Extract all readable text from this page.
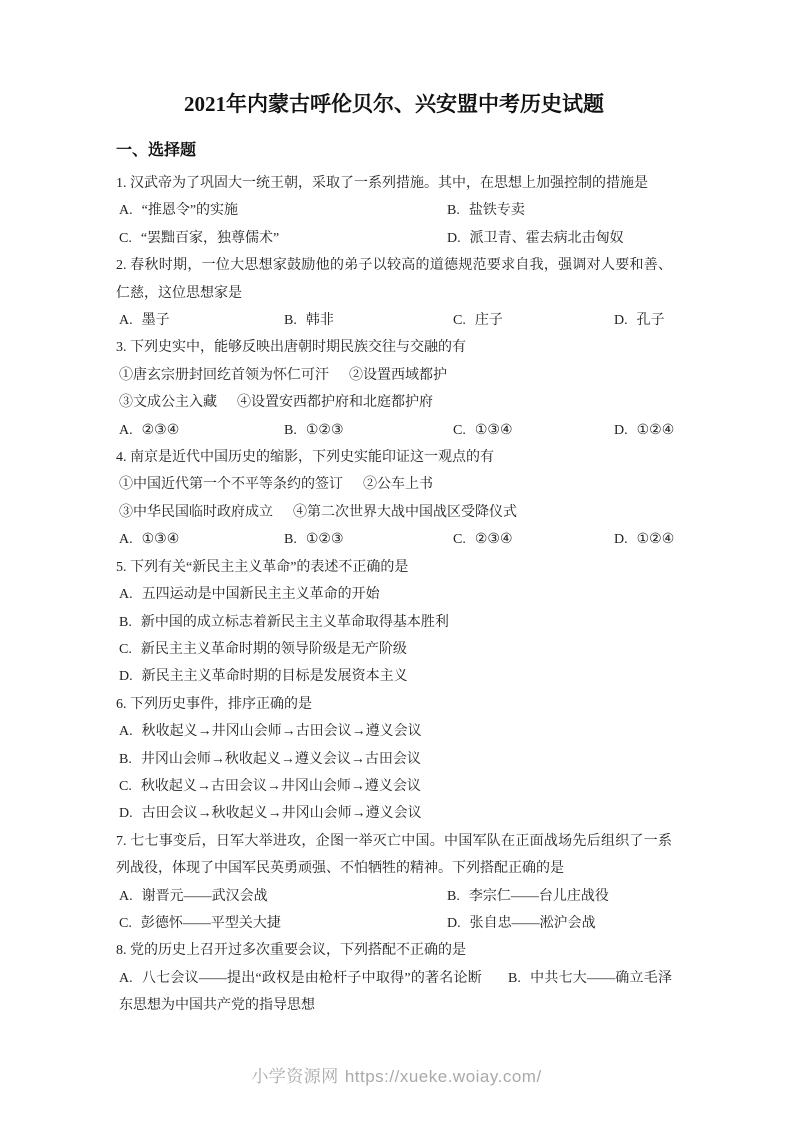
2021年内蒙古呼伦贝尔、兴安盟中考历史试题
一、选择题

1. 汉武帝为了巩固大一统王朝，采取了一系列措施。其中，在思想上加强控制的措施是

A. “推恩令”的实施	B. 盐铁专卖
C. “罢黜百家，独尊儒术”	D. 派卫青、霍去病北击匈奴

2. 春秋时期，一位大思想家鼓励他的弟子以较高的道德规范要求自我，强调对人要和善、仁慈，这位思想家是

A. 墨子	B. 韩非	C. 庄子	D. 孔子

3. 下列史实中，能够反映出唐朝时期民族交往与交融的有

①唐玄宗册封回纥首领为怀仁可汗 ②设置西域都护

③文成公主入藏 ④设置安西都护府和北庭都护府

A. ②③④	B. ①②③	C. ①③④	D. ①②④

4. 南京是近代中国历史的缩影，下列史实能印证这一观点的有

①中国近代第一个不平等条约的签订 ②公车上书

③中华民国临时政府成立 ④第二次世界大战中国战区受降仪式

A. ①③④	B. ①②③	C. ②③④	D. ①②④

5. 下列有关“新民主主义革命”的表述不正确的是

A. 五四运动是中国新民主主义革命的开始
B. 新中国的成立标志着新民主主义革命取得基本胜利
C. 新民主主义革命时期的领导阶级是无产阶级
D. 新民主主义革命时期的目标是发展资本主义

6. 下列历史事件，排序正确的是

A. 秋收起义→井冈山会师→古田会议→遵义会议
B. 井冈山会师→秋收起义→遵义会议→古田会议
C. 秋收起义→古田会议→井冈山会师→遵义会议
D. 古田会议→秋收起义→井冈山会师→遵义会议

7. 七七事变后，日军大举进攻，企图一举灭亡中国。中国军队在正面战场先后组织了一系列战役，体现了中国军民英勇顽强、不怕牺牲的精神。下列搭配正确的是

A. 谢晋元——武汉会战	B. 李宗仁——台儿庄战役
C. 彭德怀——平型关大捷	D. 张自忠——淞沪会战

8. 党的历史上召开过多次重要会议，下列搭配不正确的是

A. 八七会议——提出“政权是由枪杆子中取得”的著名论断 B. 中共七大——确立毛泽东思想为中国共产党的指导思想
小学资源网 https://xueke.woiay.com/
